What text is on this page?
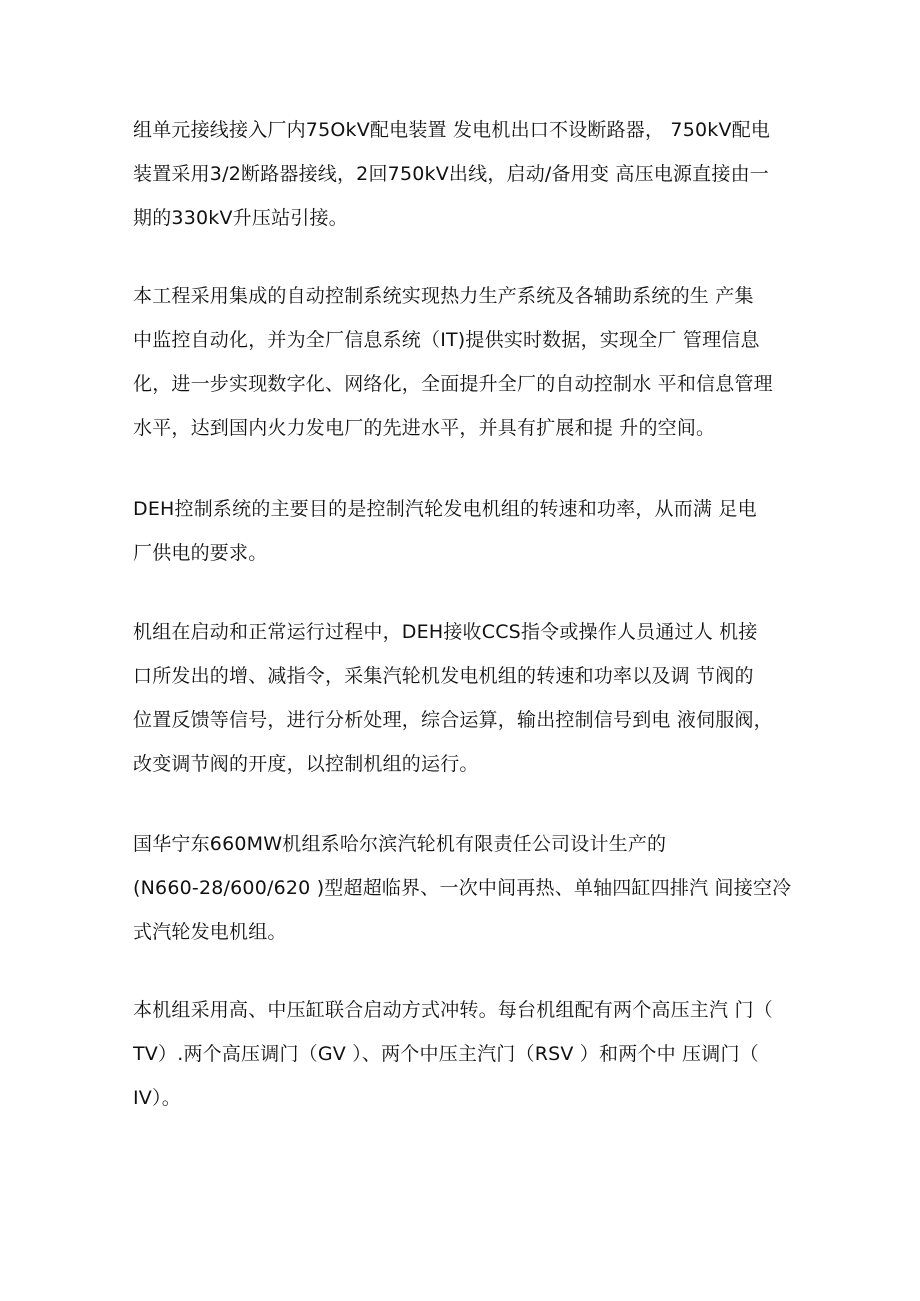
组单元接线接入厂内75OkV配电装置 发电机出口不设断路器， 750kV配电
装置采用3/2断路器接线，2回750kV出线，启动/备用变 高压电源直接由一
期的330kV升压站引接。
本工程采用集成的自动控制系统实现热力生产系统及各辅助系统的生 产集
中监控自动化，并为全厂信息系统（IT)提供实时数据，实现全厂 管理信息
化，进一步实现数字化、网络化，全面提升全厂的自动控制水 平和信息管理
水平，达到国内火力发电厂的先进水平，并具有扩展和提 升的空间。
DEH控制系统的主要目的是控制汽轮发电机组的转速和功率，从而满 足电
厂供电的要求。
机组在启动和正常运行过程中，DEH接收CCS指令或操作人员通过人 机接
口所发出的增、减指令，采集汽轮机发电机组的转速和功率以及调 节阀的
位置反馈等信号，进行分析处理，综合运算，输出控制信号到电 液伺服阀，
改变调节阀的开度，以控制机组的运行。
国华宁东660MW机组系哈尔滨汽轮机有限责任公司设计生产的
(N660-28/600/620 )型超超临界、一次中间再热、单轴四缸四排汽 间接空冷
式汽轮发电机组。
本机组采用高、中压缸联合启动方式冲转。每台机组配有两个高压主汽 门（
TV）.两个高压调门（GV ）、两个中压主汽门（RSV ）和两个中 压调门（
IV）。
